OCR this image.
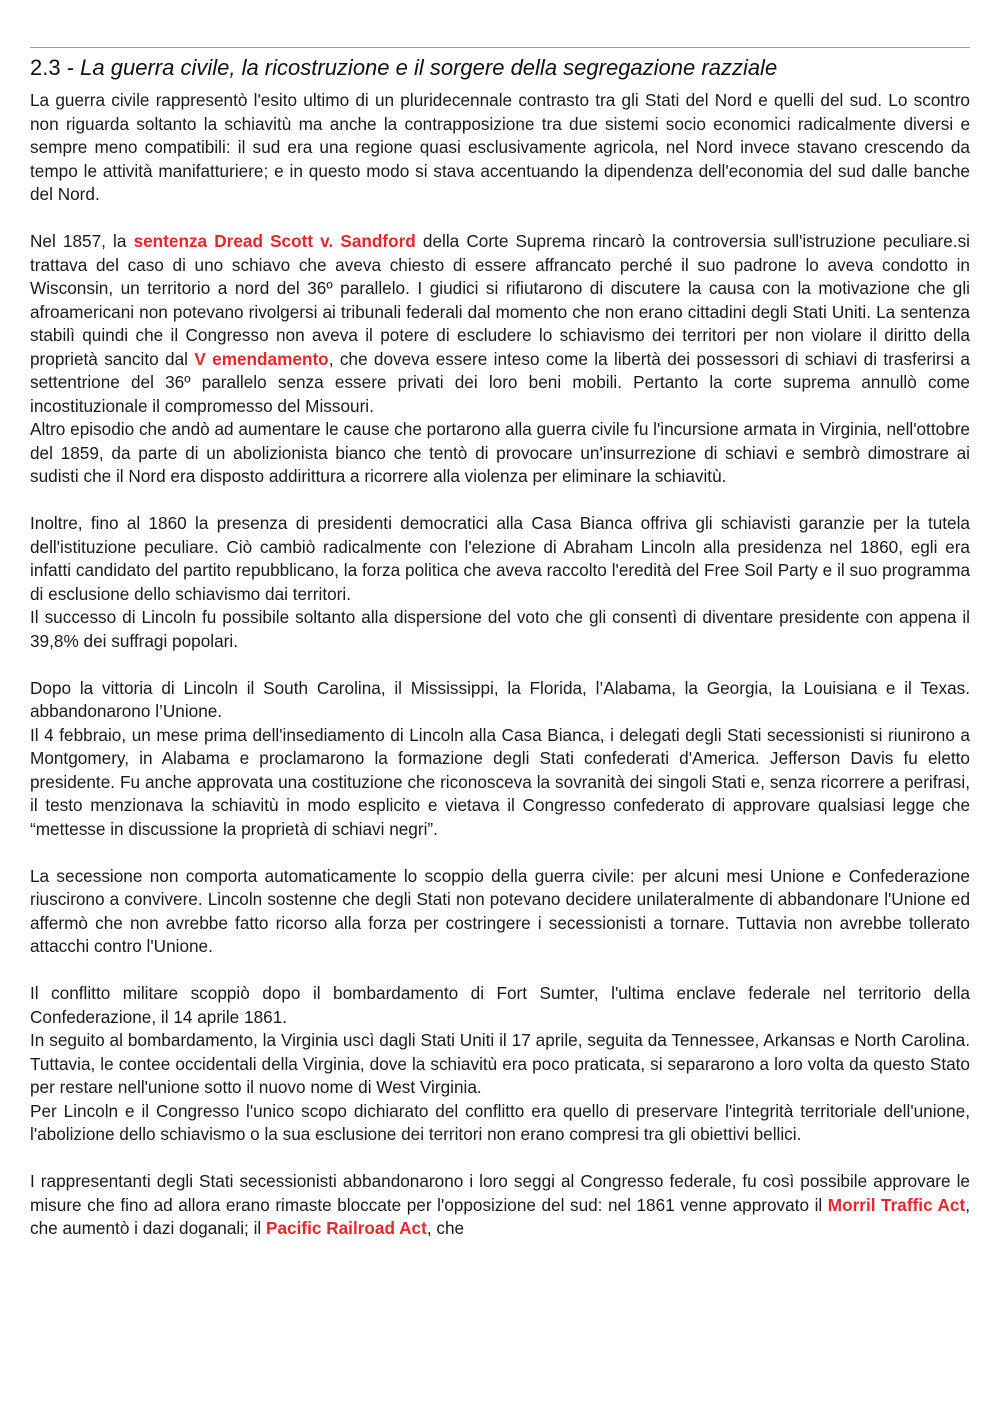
2.3 - La guerra civile, la ricostruzione e il sorgere della segregazione razziale

La guerra civile rappresentò l'esito ultimo di un pluridecennale contrasto tra gli Stati del Nord e quelli del sud. Lo scontro non riguarda soltanto la schiavitù ma anche la contrapposizione tra due sistemi socio economici radicalmente diversi e sempre meno compatibili: il sud era una regione quasi esclusivamente agricola, nel Nord invece stavano crescendo da tempo le attività manifatturiere; e in questo modo si stava accentuando la dipendenza dell'economia del sud dalle banche del Nord.

Nel 1857, la sentenza Dread Scott v. Sandford della Corte Suprema rincarò la controversia sull'istruzione peculiare.si trattava del caso di uno schiavo che aveva chiesto di essere affrancato perché il suo padrone lo aveva condotto in Wisconsin, un territorio a nord del 36º parallelo. I giudici si rifiutarono di discutere la causa con la motivazione che gli afroamericani non potevano rivolgersi ai tribunali federali dal momento che non erano cittadini degli Stati Uniti. La sentenza stabilì quindi che il Congresso non aveva il potere di escludere lo schiavismo dei territori per non violare il diritto della proprietà sancito dal V emendamento, che doveva essere inteso come la libertà dei possessori di schiavi di trasferirsi a settentrione del 36º parallelo senza essere privati dei loro beni mobili. Pertanto la corte suprema annullò come incostituzionale il compromesso del Missouri.
Altro episodio che andò ad aumentare le cause che portarono alla guerra civile fu l'incursione armata in Virginia, nell'ottobre del 1859, da parte di un abolizionista bianco che tentò di provocare un'insurrezione di schiavi e sembrò dimostrare ai sudisti che il Nord era disposto addirittura a ricorrere alla violenza per eliminare la schiavitù.

Inoltre, fino al 1860 la presenza di presidenti democratici alla Casa Bianca offriva gli schiavisti garanzie per la tutela dell'istituzione peculiare. Ciò cambiò radicalmente con l'elezione di Abraham Lincoln alla presidenza nel 1860, egli era infatti candidato del partito repubblicano, la forza politica che aveva raccolto l'eredità del Free Soil Party e il suo programma di esclusione dello schiavismo dai territori.
Il successo di Lincoln fu possibile soltanto alla dispersione del voto che gli consentì di diventare presidente con appena il 39,8% dei suffragi popolari.

Dopo la vittoria di Lincoln il South Carolina, il Mississippi, la Florida, l’Alabama, la Georgia, la Louisiana e il Texas. abbandonarono l’Unione.
Il 4 febbraio, un mese prima dell'insediamento di Lincoln alla Casa Bianca, i delegati degli Stati secessionisti si riunirono a Montgomery, in Alabama e proclamarono la formazione degli Stati confederati d'America. Jefferson Davis fu eletto presidente. Fu anche approvata una costituzione che riconosceva la sovranità dei singoli Stati e, senza ricorrere a perifrasi, il testo menzionava la schiavitù in modo esplicito e vietava il Congresso confederato di approvare qualsiasi legge che “mettesse in discussione la proprietà di schiavi negri”.

La secessione non comporta automaticamente lo scoppio della guerra civile: per alcuni mesi Unione e Confederazione riuscirono a convivere. Lincoln sostenne che degli Stati non potevano decidere unilateralmente di abbandonare l'Unione ed affermò che non avrebbe fatto ricorso alla forza per costringere i secessionisti a tornare. Tuttavia non avrebbe tollerato attacchi contro l'Unione.

Il conflitto militare scoppiò dopo il bombardamento di Fort Sumter, l'ultima enclave federale nel territorio della Confederazione, il 14 aprile 1861.
In seguito al bombardamento, la Virginia uscì dagli Stati Uniti il 17 aprile, seguita da Tennessee, Arkansas e North Carolina. Tuttavia, le contee occidentali della Virginia, dove la schiavitù era poco praticata, si separarono a loro volta da questo Stato per restare nell'unione sotto il nuovo nome di West Virginia.
Per Lincoln e il Congresso l'unico scopo dichiarato del conflitto era quello di preservare l'integrità territoriale dell'unione, l'abolizione dello schiavismo o la sua esclusione dei territori non erano compresi tra gli obiettivi bellici.

I rappresentanti degli Stati secessionisti abbandonarono i loro seggi al Congresso federale, fu così possibile approvare le misure che fino ad allora erano rimaste bloccate per l'opposizione del sud: nel 1861 venne approvato il Morril Traffic Act, che aumentò i dazi doganali; il Pacific Railroad Act, che
